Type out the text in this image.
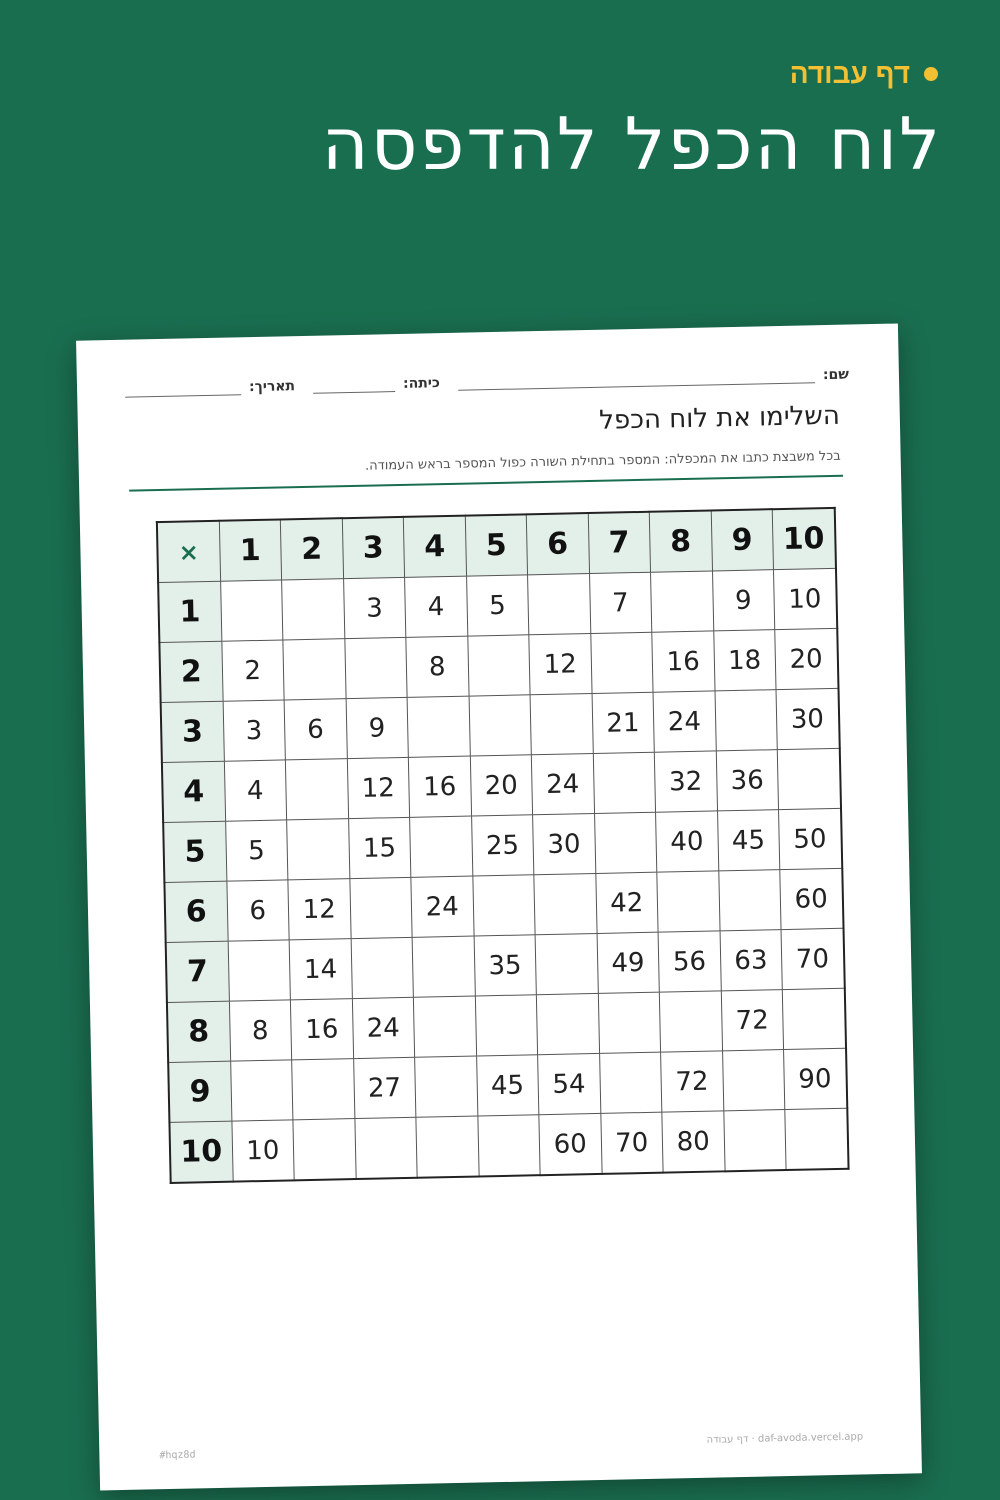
דף עבודה
לוח הכפל להדפסה
שם:
כיתה:
תאריך:
השלימו את לוח הכפל
בכל משבצת כתבו את המכפלה: המספר בתחילת השורה כפול המספר בראש העמודה.
×	1	2	3	4	5	6	7	8	9	10
1			3	4	5		7		9	10
2	2			8		12		16	18	20
3	3	6	9				21	24		30
4	4		12	16	20	24		32	36	
5	5		15		25	30		40	45	50
6	6	12		24			42			60
7		14			35		49	56	63	70
8	8	16	24						72	
9			27		45	54		72		90
10	10					60	70	80		
#hqz8d
daf-avoda.vercel.app · דף עבודה
